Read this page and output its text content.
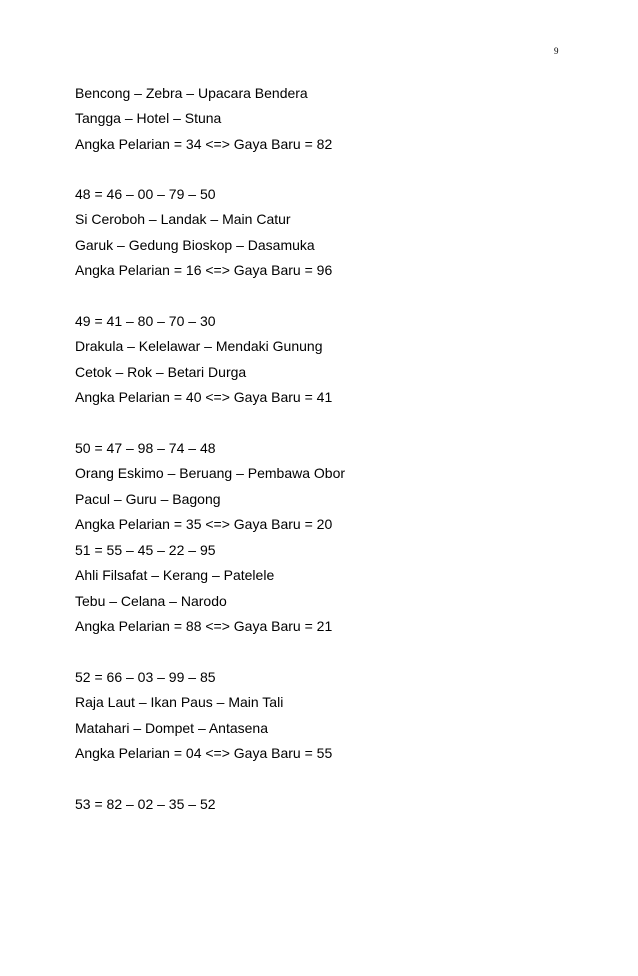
9
Bencong – Zebra – Upacara Bendera
Tangga – Hotel – Stuna
Angka Pelarian = 34 <=> Gaya Baru = 82
48 = 46 – 00 – 79 – 50
Si Ceroboh – Landak – Main Catur
Garuk – Gedung Bioskop – Dasamuka
Angka Pelarian = 16 <=> Gaya Baru = 96
49 = 41 – 80 – 70 – 30
Drakula – Kelelawar – Mendaki Gunung
Cetok – Rok – Betari Durga
Angka Pelarian = 40 <=> Gaya Baru = 41
50 = 47 – 98 – 74 – 48
Orang Eskimo – Beruang – Pembawa Obor
Pacul – Guru – Bagong
Angka Pelarian = 35 <=> Gaya Baru = 20
51 = 55 – 45 – 22 – 95
Ahli Filsafat – Kerang – Patelele
Tebu – Celana – Narodo
Angka Pelarian = 88 <=> Gaya Baru = 21
52 = 66 – 03 – 99 – 85
Raja Laut – Ikan Paus – Main Tali
Matahari – Dompet – Antasena
Angka Pelarian = 04 <=> Gaya Baru = 55
53 = 82 – 02 – 35 – 52
